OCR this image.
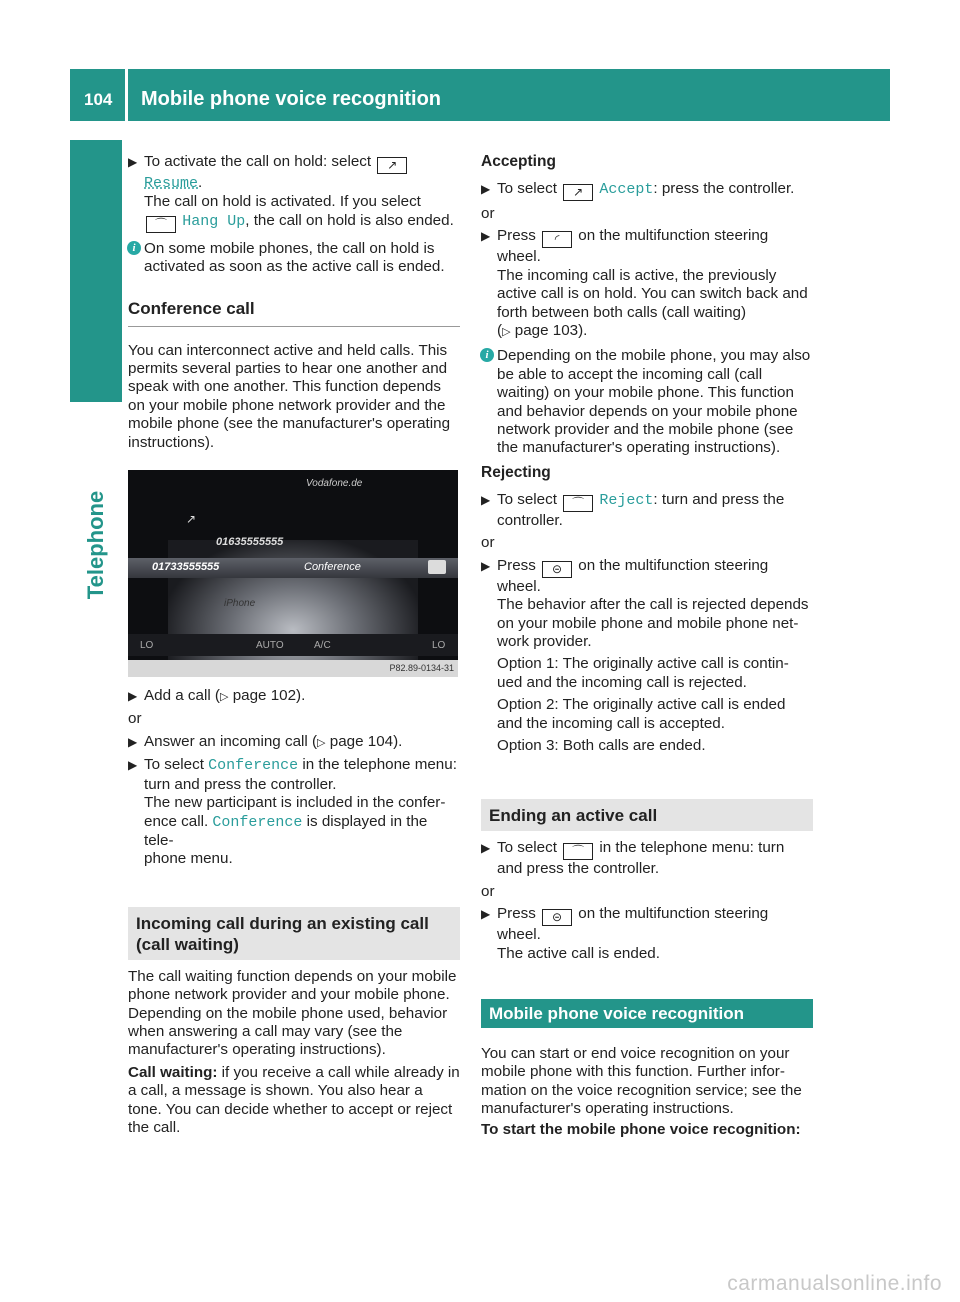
104 Mobile phone voice recognition
Telephone
▶ To activate the call on hold: select ↗
Resume.
The call on hold is activated. If you select
⌒ Hang Up, the call on hold is also ended.
i On some mobile phones, the call on hold is activated as soon as the active call is ended.
Conference call

You can interconnect active and held calls. This permits several parties to hear one another and speak with one another. This function depends on your mobile phone network provider and the mobile phone (see the manufacturer's operating instructions).

Vodafone.de
↗
01635555555
01733555555	Conference
iPhone
LO	AUTO	A/C	LO
P82.89-0134-31
▶ Add a call (▷ page 102).
or
▶ Answer an incoming call (▷ page 104).
▶ To select Conference in the telephone menu: turn and press the controller.
The new participant is included in the confer-
ence call. Conference is displayed in the tele-
phone menu.
Incoming call during an existing call (call waiting)

The call waiting function depends on your mobile phone network provider and your mobile phone. Depending on the mobile phone used, behavior when answering a call may vary (see the manufacturer's operating instructions).

Call waiting: if you receive a call while already in a call, a message is shown. You also hear a tone. You can decide whether to accept or reject the call.

Accepting
▶ To select ↗ Accept: press the controller.
or
▶ Press ◜ on the multifunction steering wheel.
The incoming call is active, the previously active call is on hold. You can switch back and forth between both calls (call waiting)
(▷ page 103).
i Depending on the mobile phone, you may also be able to accept the incoming call (call waiting) on your mobile phone. This function and behavior depends on your mobile phone network provider and the mobile phone (see the manufacturer's operating instructions).
Rejecting
▶ To select ⌒ Reject: turn and press the controller.
or
▶ Press ⊝ on the multifunction steering wheel.
The behavior after the call is rejected depends on your mobile phone and mobile phone net- work provider.
Option 1: The originally active call is contin- ued and the incoming call is rejected.
Option 2: The originally active call is ended and the incoming call is accepted.
Option 3: Both calls are ended.
Ending an active call
▶ To select ⌒ in the telephone menu: turn and press the controller.
or
▶ Press ⊝ on the multifunction steering wheel.
The active call is ended.
Mobile phone voice recognition

You can start or end voice recognition on your mobile phone with this function. Further infor- mation on the voice recognition service; see the manufacturer's operating instructions.

To start the mobile phone voice recognition:

carmanualsonline.info
